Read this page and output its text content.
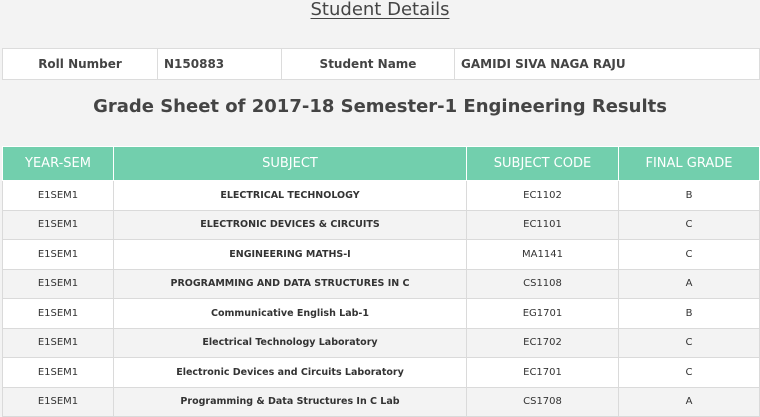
Student Details
Roll Number	N150883	Student Name	GAMIDI SIVA NAGA RAJU
Grade Sheet of 2017-18 Semester-1 Engineering Results
YEAR-SEM	SUBJECT	SUBJECT CODE	FINAL GRADE
E1SEM1	ELECTRICAL TECHNOLOGY	EC1102	B
E1SEM1	ELECTRONIC DEVICES & CIRCUITS	EC1101	C
E1SEM1	ENGINEERING MATHS-I	MA1141	C
E1SEM1	PROGRAMMING AND DATA STRUCTURES IN C	CS1108	A
E1SEM1	Communicative English Lab-1	EG1701	B
E1SEM1	Electrical Technology Laboratory	EC1702	C
E1SEM1	Electronic Devices and Circuits Laboratory	EC1701	C
E1SEM1	Programming & Data Structures In C Lab	CS1708	A
